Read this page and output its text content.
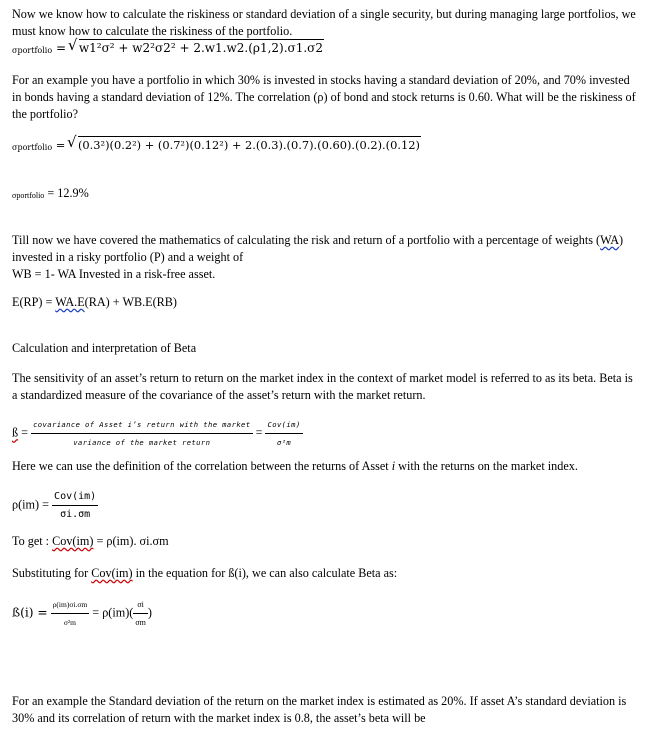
Now we know how to calculate the riskiness or standard deviation of a single security, but during managing large portfolios, we must know how to calculate the riskiness of the portfolio.
σportfolio = √ w1²σ² + w2²σ2² + 2.w1.w2.(ρ1,2).σ1.σ2
For an example you have a portfolio in which 30% is invested in stocks having a standard deviation of 20%, and 70% invested in bonds having a standard deviation of 12%. The correlation (ρ) of bond and stock returns is 0.60. What will be the riskiness of the portfolio?
σportfolio = √ (0.3²)(0.2²) + (0.7²)(0.12²) + 2.(0.3).(0.7).(0.60).(0.2).(0.12)
σportfolio = 12.9%
Till now we have covered the mathematics of calculating the risk and return of a portfolio with a percentage of weights (WA) invested in a risky portfolio (P) and a weight of
WB = 1- WA Invested in a risk-free asset.
E(RP) = WA.E(RA) + WB.E(RB)
Calculation and interpretation of Beta
The sensitivity of an asset’s return to return on the market index in the context of market model is referred to as its beta. Beta is a standardized measure of the covariance of the asset’s return with the market return.
ß = $\frac{\text{covariance of Asset i’s return with the market}}{\text{variance of the market return}} = \frac{\text{Cov(im)}}{\text{σ²m}}$
Here we can use the definition of the correlation between the returns of Asset i with the returns on the market index.
$\rho(im) = \frac{\text{Cov(im)}}{\sigma i.\sigma m}$
To get : Cov(im) = ρ(im). σi.σm
Substituting for Cov(im) in the equation for ß(i), we can also calculate Beta as:
ß(i) = $\frac{\rho(im)\sigma i.\sigma m}{\text{σ²m}} = \rho(im)( \frac{\sigma i}{\sigma m}$ )
For an example the Standard deviation of the return on the market index is estimated as 20%. If asset A’s standard deviation is 30% and its correlation of return with the market index is 0.8, the asset’s beta will be
